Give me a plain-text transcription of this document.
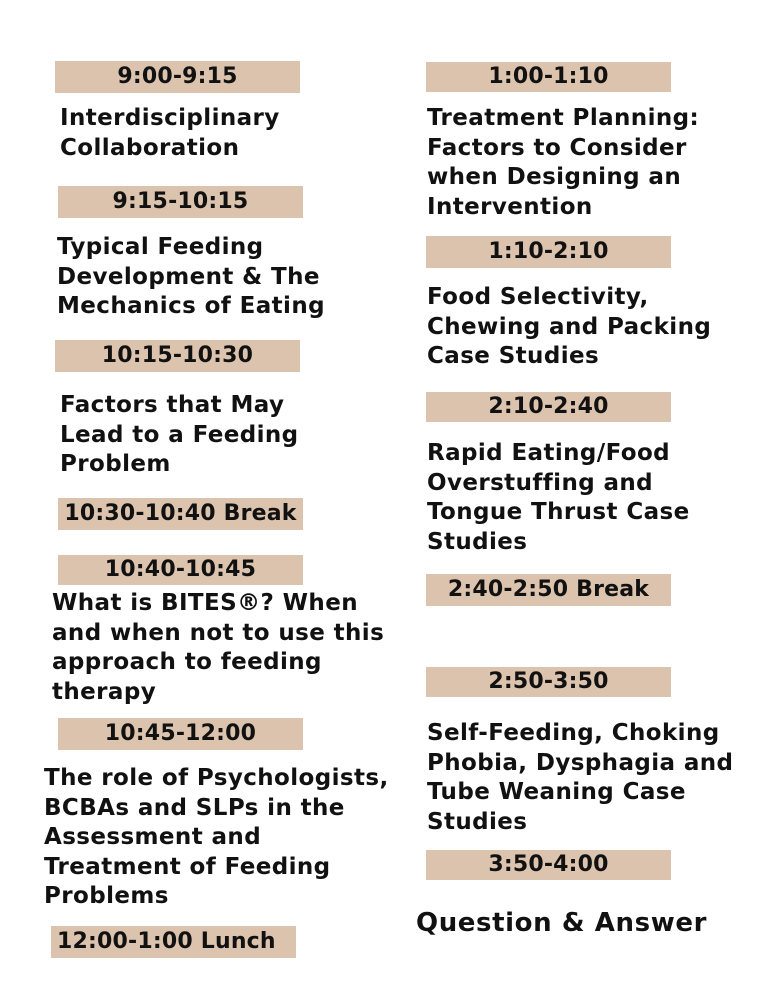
9:00-9:15
Interdisciplinary
Collaboration
9:15-10:15
Typical Feeding
Development & The
Mechanics of Eating
10:15-10:30
Factors that May
Lead to a Feeding
Problem
10:30-10:40 Break
10:40-10:45
What is BITES®? When
and when not to use this
approach to feeding
therapy
10:45-12:00
The role of Psychologists,
BCBAs and SLPs in the
Assessment and
Treatment of Feeding
Problems
12:00-1:00 Lunch
1:00-1:10
Treatment Planning:
Factors to Consider
when Designing an
Intervention
1:10-2:10
Food Selectivity,
Chewing and Packing
Case Studies
2:10-2:40
Rapid Eating/Food
Overstuffing and
Tongue Thrust Case
Studies
2:40-2:50 Break
2:50-3:50
Self-Feeding, Choking
Phobia, Dysphagia and
Tube Weaning Case
Studies
3:50-4:00
Question & Answer
